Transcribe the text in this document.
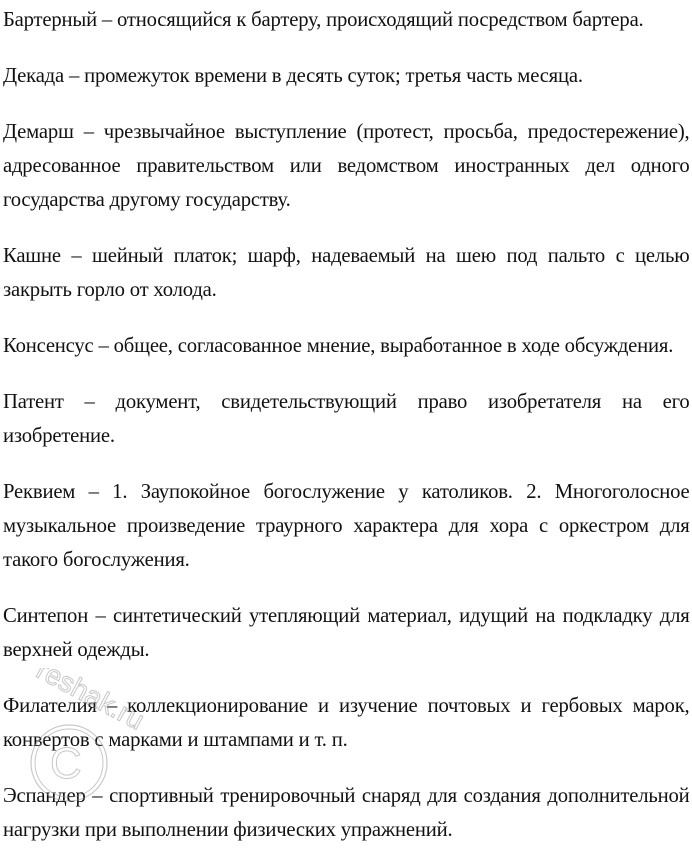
Бартерный – относящийся к бартеру, происходящий посредством бартера.

Декада – промежуток времени в десять суток; третья часть месяца.

Демарш – чрезвычайное выступление (протест, просьба, предостережение), адресованное правительством или ведомством иностранных дел одного государства другому государству.

Кашне – шейный платок; шарф, надеваемый на шею под пальто с целью закрыть горло от холода.

Консенсус – общее, согласованное мнение, выработанное в ходе обсуждения.

Патент – документ, свидетельствующий право изобретателя на его изобретение.

Реквием – 1. Заупокойное богослужение у католиков. 2. Многоголосное музыкальное произведение траурного характера для хора с оркестром для такого богослужения.

Синтепон – синтетический утепляющий материал, идущий на подкладку для верхней одежды.

Филателия – коллекционирование и изучение почтовых и гербовых марок, конвертов с марками и штампами и т. п.

Эспандер – спортивный тренировочный снаряд для создания дополнительной нагрузки при выполнении физических упражнений.

C
reshak.ru
